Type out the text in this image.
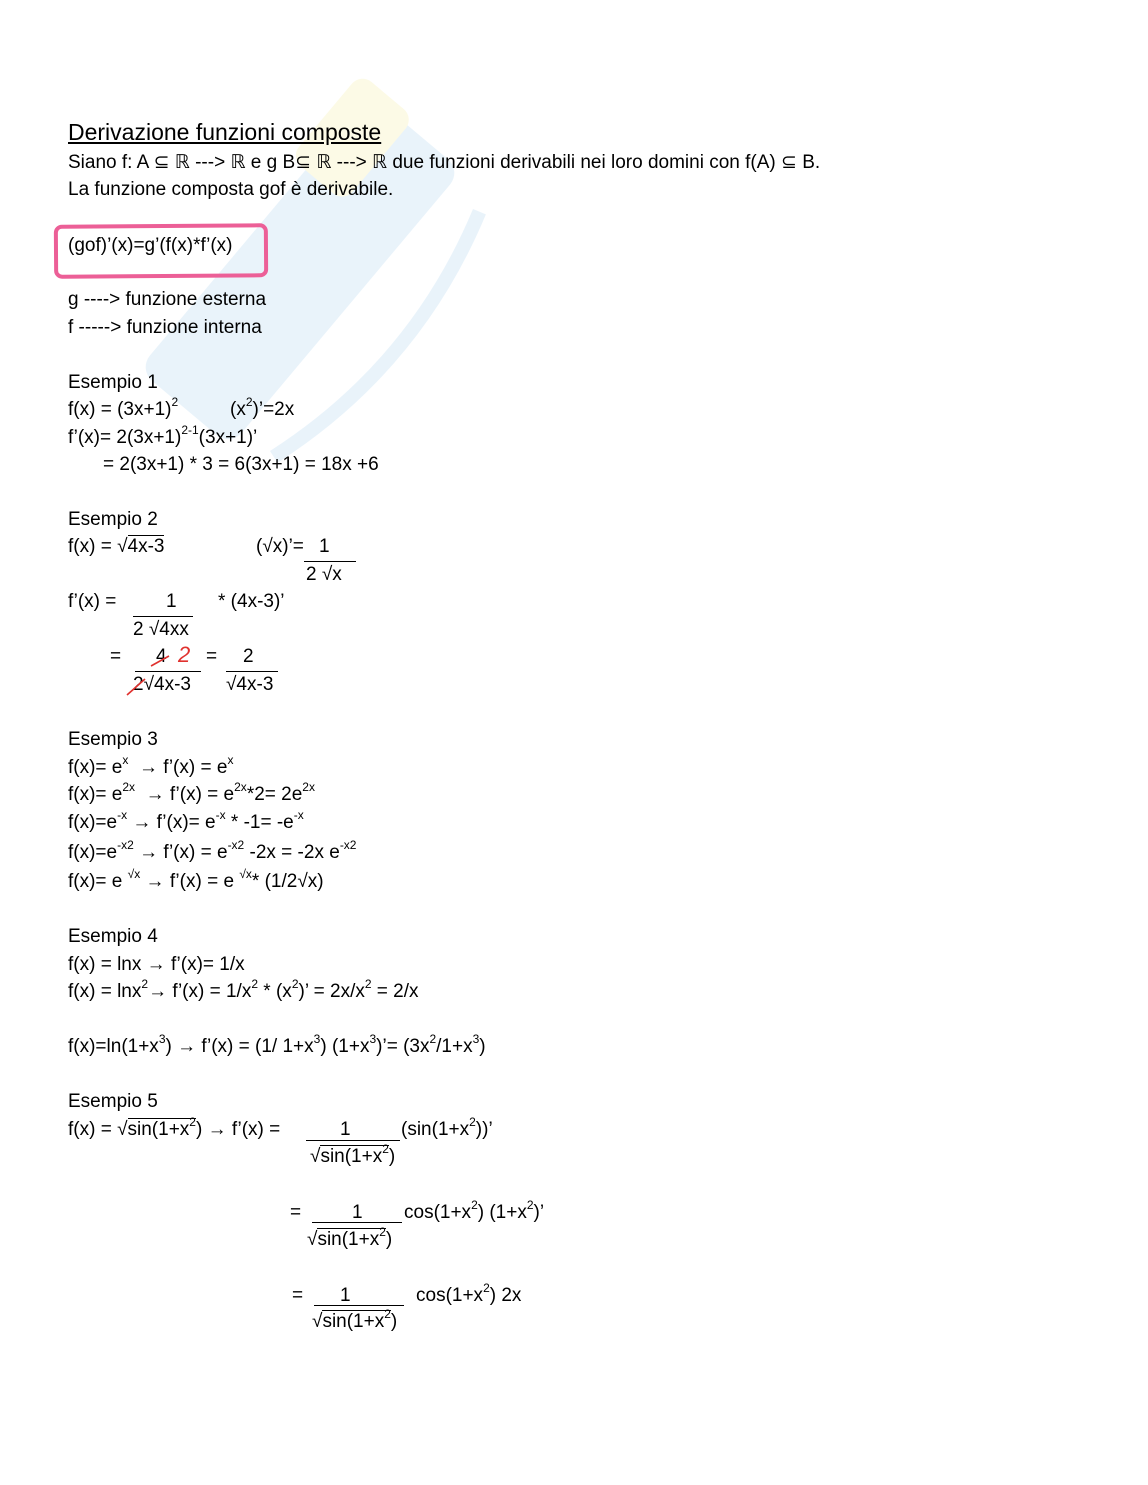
Derivazione funzioni composte
Siano f: A ⊆ ℝ ---> ℝ e g B⊆ ℝ ---> ℝ due funzioni derivabili nei loro domini con f(A) ⊆ B.
La funzione composta gof è derivabile.
(gof)’(x)=g’(f(x)*f’(x)
g ----> funzione esterna
f -----> funzione interna
Esempio 1
$f(x) = (3x+1)^2$	$(x^2)’=2x$
f’(x)= $2(3x+1)^{2-1}(3x+1)$’
= 2(3x+1) * 3 = 6(3x+1) = 18x +6
Esempio 2
f(x) = √4x-3	(√x)’= 1
2 √x
f’(x) =	1
2 √4xx
* (4x-3)’
= 4 2
2√4x-3
= 2
√4x-3
Esempio 3
$f(x)= e^x$ → f’(x) = $e^x$
$f(x)= e^{2x}$ → f’(x) = $e^{2x}*2= 2e^{2x}$
$f(x)=e^{-x}$ → f’(x)= $e^{-x} * -1= -e^{-x}$
$f(x)=e^{-x2}$ → f’(x) = $e^{-x2}$ -2x = -2x $e^{-x2}$
f(x)= e $^{√x}$ → f’(x) = e $^{√x}$* (1/2√x)
Esempio 4
f(x) = lnx → f’(x)= 1/x
f(x) = lnx$^2$→ f’(x) = $1/x^2 * (x^2)$’ = $2x/x^2 = 2/x$
$f(x)=\ln(1+x^3)$ → f’(x) = (1/ $1+x^3$) $(1+x^3)’= (3x^2/1+x^3)$
Esempio 5
$f(x) = √\sin(1+x^2)$ → f’(x) =	1
$√\sin(1+x^2)$
$(\sin(1+x^2))$’
=	1
$√\sin(1+x^2)$
$\cos(1+x^2)$ $(1+x^2)$’
= 1
$√\sin(1+x^2)$
$\cos(1+x^2)$ 2x
